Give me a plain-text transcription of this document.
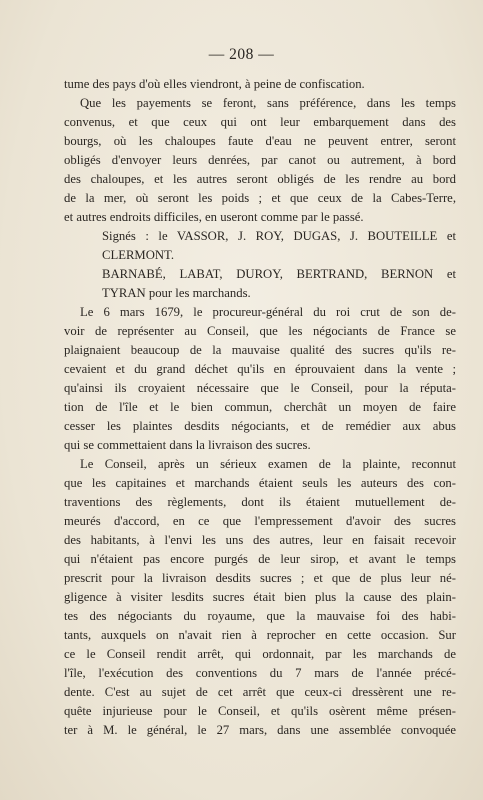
— 208 —
tume des pays d'où elles viendront, à peine de confiscation.
Que les payements se feront, sans préférence, dans les temps
convenus, et que ceux qui ont leur embarquement dans des
bourgs, où les chaloupes faute d'eau ne peuvent entrer, seront
obligés d'envoyer leurs denrées, par canot ou autrement, à bord
des chaloupes, et les autres seront obligés de les rendre au bord
de la mer, où seront les poids ; et que ceux de la Cabes-Terre,
et autres endroits difficiles, en useront comme par le passé.
Signés : le VASSOR, J. ROY, DUGAS, J. BOUTEILLE et
CLERMONT.
BARNABÉ, LABAT, DUROY, BERTRAND, BERNON et
TYRAN pour les marchands.
Le 6 mars 1679, le procureur-général du roi crut de son de-
voir de représenter au Conseil, que les négociants de France se
plaignaient beaucoup de la mauvaise qualité des sucres qu'ils re-
cevaient et du grand déchet qu'ils en éprouvaient dans la vente ;
qu'ainsi ils croyaient nécessaire que le Conseil, pour la réputa-
tion de l'île et le bien commun, cherchât un moyen de faire
cesser les plaintes desdits négociants, et de remédier aux abus
qui se commettaient dans la livraison des sucres.
Le Conseil, après un sérieux examen de la plainte, reconnut
que les capitaines et marchands étaient seuls les auteurs des con-
traventions des règlements, dont ils étaient mutuellement de-
meurés d'accord, en ce que l'empressement d'avoir des sucres
des habitants, à l'envi les uns des autres, leur en faisait recevoir
qui n'étaient pas encore purgés de leur sirop, et avant le temps
prescrit pour la livraison desdits sucres ; et que de plus leur né-
gligence à visiter lesdits sucres était bien plus la cause des plain-
tes des négociants du royaume, que la mauvaise foi des habi-
tants, auxquels on n'avait rien à reprocher en cette occasion. Sur
ce le Conseil rendit arrêt, qui ordonnait, par les marchands de
l'île, l'exécution des conventions du 7 mars de l'année précé-
dente. C'est au sujet de cet arrêt que ceux-ci dressèrent une re-
quête injurieuse pour le Conseil, et qu'ils osèrent même présen-
ter à M. le général, le 27 mars, dans une assemblée convoquée
